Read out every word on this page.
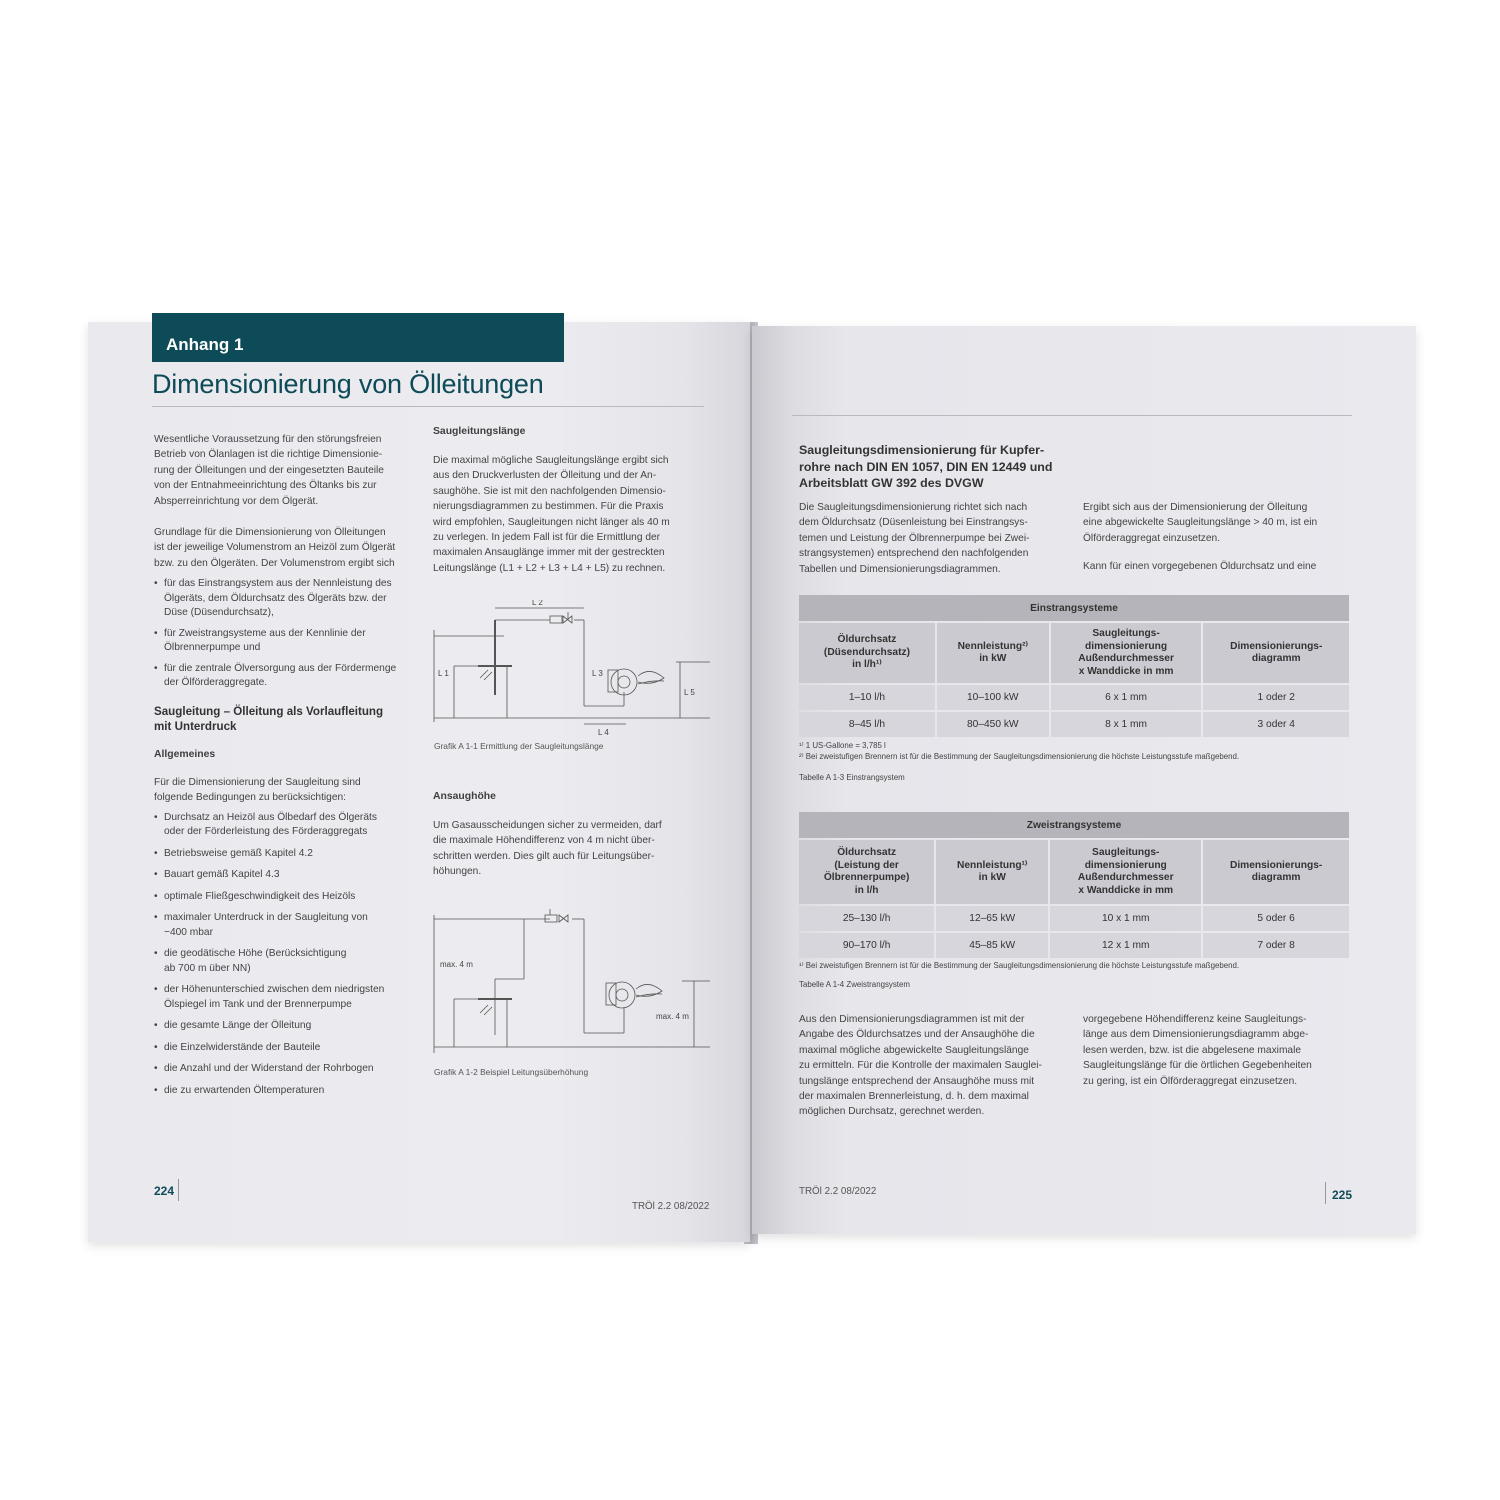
Anhang 1
Dimensionierung von Ölleitungen

Wesentliche Voraussetzung für den störungsfreien
Betrieb von Ölanlagen ist die richtige Dimensionie-
rung der Ölleitungen und der eingesetzten Bauteile
von der Entnahmeeinrichtung des Öltanks bis zur
Absperreinrichtung vor dem Ölgerät.

Grundlage für die Dimensionierung von Ölleitungen
ist der jeweilige Volumenstrom an Heizöl zum Ölgerät
bzw. zu den Ölgeräten. Der Volumenstrom ergibt sich

• für das Einstrangsystem aus der Nennleistung des
Ölgeräts, dem Öldurchsatz des Ölgeräts bzw. der
Düse (Düsendurchsatz),
• für Zweistrangsysteme aus der Kennlinie der
Ölbrennerpumpe und
• für die zentrale Ölversorgung aus der Fördermenge
der Ölförderaggregate.
Saugleitung – Ölleitung als Vorlaufleitung
mit Unterdruck
Allgemeines

Für die Dimensionierung der Saugleitung sind
folgende Bedingungen zu berücksichtigen:

• Durchsatz an Heizöl aus Ölbedarf des Ölgeräts
oder der Förderleistung des Förderaggregats
• Betriebsweise gemäß Kapitel 4.2
• Bauart gemäß Kapitel 4.3
• optimale Fließgeschwindigkeit des Heizöls
• maximaler Unterdruck in der Saugleitung von
−400 mbar
• die geodätische Höhe (Berücksichtigung
ab 700 m über NN)
• der Höhenunterschied zwischen dem niedrigsten
Ölspiegel im Tank und der Brennerpumpe
• die gesamte Länge der Ölleitung
• die Einzelwiderstände der Bauteile
• die Anzahl und der Widerstand der Rohrbogen
• die zu erwartenden Öltemperaturen
Saugleitungslänge

Die maximal mögliche Saugleitungslänge ergibt sich
aus den Druckverlusten der Ölleitung und der An-
saughöhe. Sie ist mit den nachfolgenden Dimensio-
nierungsdiagrammen zu bestimmen. Für die Praxis
wird empfohlen, Saugleitungen nicht länger als 40 m
zu verlegen. In jedem Fall ist für die Ermittlung der
maximalen Ansauglänge immer mit der gestreckten
Leitungslänge (L1 + L2 + L3 + L4 + L5) zu rechnen.

L 1
L 2
L 3
L 4
L 5
Grafik A 1-1 Ermittlung der Saugleitungslänge
Ansaughöhe

Um Gasausscheidungen sicher zu vermeiden, darf
die maximale Höhendifferenz von 4 m nicht über-
schritten werden. Dies gilt auch für Leitungsüber-
höhungen.

max. 4 m
max. 4 m
Grafik A 1-2 Beispiel Leitungsüberhöhung
224
TRÖl 2.2 08/2022
Saugleitungsdimensionierung für Kupfer-
rohre nach DIN EN 1057, DIN EN 12449 und
Arbeitsblatt GW 392 des DVGW

Die Saugleitungsdimensionierung richtet sich nach
dem Öldurchsatz (Düsenleistung bei Einstrangsys-
temen und Leistung der Ölbrennerpumpe bei Zwei-
strangsystemen) entsprechend den nachfolgenden
Tabellen und Dimensionierungsdiagrammen.

Ergibt sich aus der Dimensionierung der Ölleitung
eine abgewickelte Saugleitungslänge > 40 m, ist ein
Ölförderaggregat einzusetzen.

Kann für einen vorgegebenen Öldurchsatz und eine

Einstrangsysteme			
Öldurchsatz
(Düsendurchsatz)
in l/h¹⁾	Nennleistung²⁾
in kW	Saugleitungs-
dimensionierung
Außendurchmesser
x Wanddicke in mm	Dimensionierungs-
diagramm
1–10 l/h	10–100 kW	6 x 1 mm	1 oder 2
8–45 l/h	80–450 kW	8 x 1 mm	3 oder 4
¹⁾ 1 US-Gallone = 3,785 l
²⁾ Bei zweistufigen Brennern ist für die Bestimmung der Saugleitungsdimensionierung die höchste Leistungsstufe maßgebend.
Tabelle A 1-3 Einstrangsystem
Zweistrangsysteme			
Öldurchsatz
(Leistung der
Ölbrennerpumpe)
in l/h	Nennleistung¹⁾
in kW	Saugleitungs-
dimensionierung
Außendurchmesser
x Wanddicke in mm	Dimensionierungs-
diagramm
25–130 l/h	12–65 kW	10 x 1 mm	5 oder 6
90–170 l/h	45–85 kW	12 x 1 mm	7 oder 8
¹⁾ Bei zweistufigen Brennern ist für die Bestimmung der Saugleitungsdimensionierung die höchste Leistungsstufe maßgebend.
Tabelle A 1-4 Zweistrangsystem

Aus den Dimensionierungsdiagrammen ist mit der
Angabe des Öldurchsatzes und der Ansaughöhe die
maximal mögliche abgewickelte Saugleitungslänge
zu ermitteln. Für die Kontrolle der maximalen Sauglei-
tungslänge entsprechend der Ansaughöhe muss mit
der maximalen Brennerleistung, d. h. dem maximal
möglichen Durchsatz, gerechnet werden.

vorgegebene Höhendifferenz keine Saugleitungs-
länge aus dem Dimensionierungsdiagramm abge-
lesen werden, bzw. ist die abgelesene maximale
Saugleitungslänge für die örtlichen Gegebenheiten
zu gering, ist ein Ölförderaggregat einzusetzen.

TRÖl 2.2 08/2022	225
